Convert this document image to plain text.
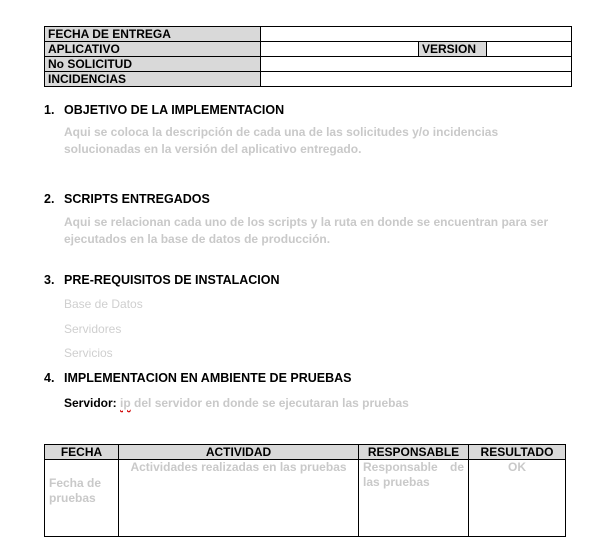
FECHA DE ENTREGA			
APLICATIVO		VERSION	
No SOLICITUD			
INCIDENCIAS			
1. OBJETIVO DE LA IMPLEMENTACION
Aqui se coloca la descripción de cada una de las solicitudes y/o incidencias solucionadas en la versión del aplicativo entregado.
2. SCRIPTS ENTREGADOS
Aqui se relacionan cada uno de los scripts y la ruta en donde se encuentran para ser ejecutados en la base de datos de producción.
3. PRE-REQUISITOS DE INSTALACION
Base de Datos
Servidores
Servicios
4. IMPLEMENTACION EN AMBIENTE DE PRUEBAS
Servidor: ip del servidor en donde se ejecutaran las pruebas
FECHA	ACTIVIDAD	RESPONSABLE	RESULTADO
Fecha de pruebas	Actividades realizadas en las pruebas	Responsable de las pruebas	OK
